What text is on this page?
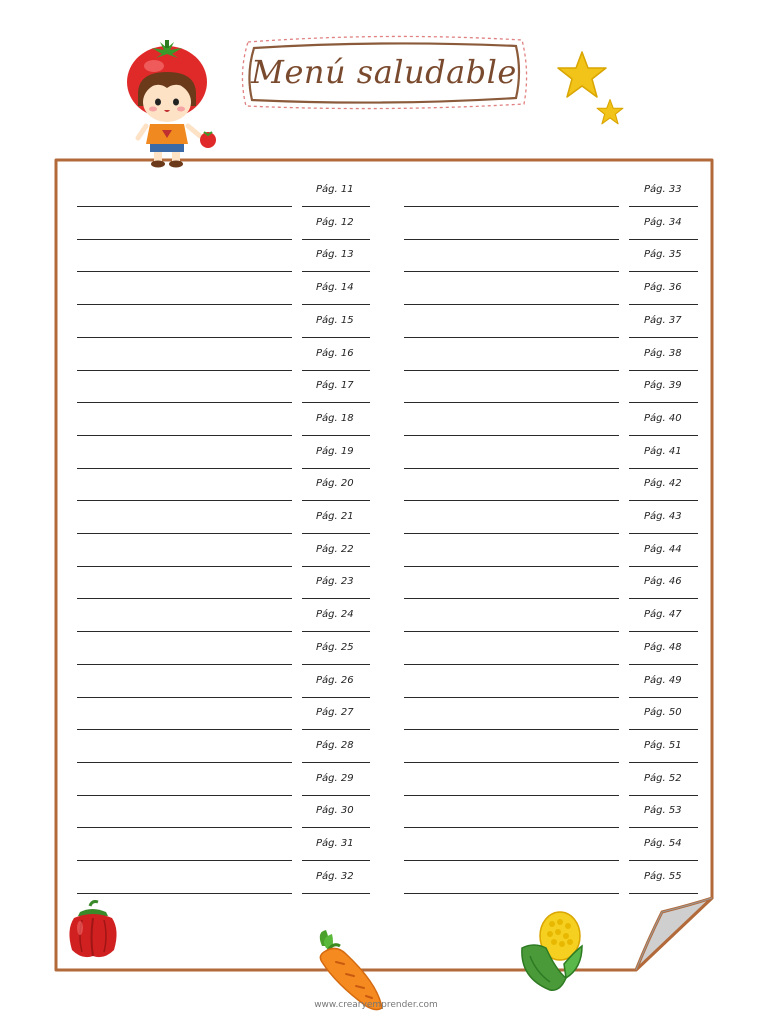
Menú saludable
Pág. 11
Pág. 12
Pág. 13
Pág. 14
Pág. 15
Pág. 16
Pág. 17
Pág. 18
Pág. 19
Pág. 20
Pág. 21
Pág. 22
Pág. 23
Pág. 24
Pág. 25
Pág. 26
Pág. 27
Pág. 28
Pág. 29
Pág. 30
Pág. 31
Pág. 32
Pág. 33
Pág. 34
Pág. 35
Pág. 36
Pág. 37
Pág. 38
Pág. 39
Pág. 40
Pág. 41
Pág. 42
Pág. 43
Pág. 44
Pág. 46
Pág. 47
Pág. 48
Pág. 49
Pág. 50
Pág. 51
Pág. 52
Pág. 53
Pág. 54
Pág. 55
www.crearyemprender.com
